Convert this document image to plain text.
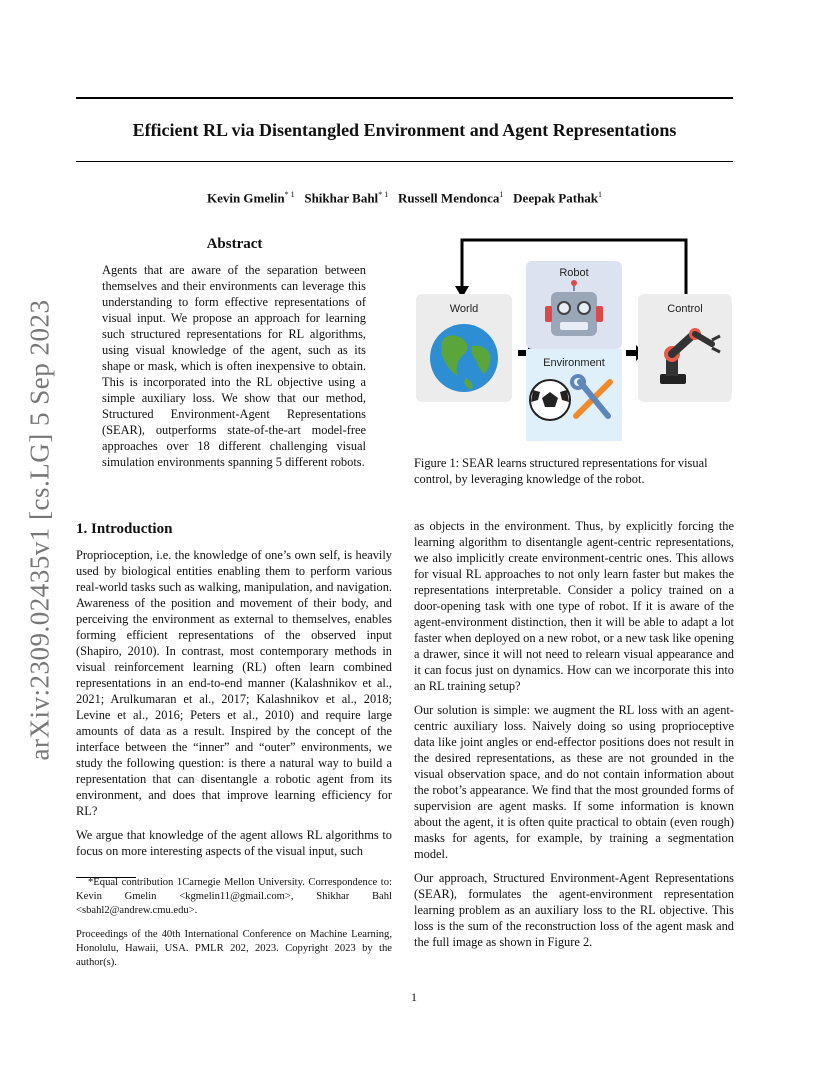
Efficient RL via Disentangled Environment and Agent Representations
Kevin Gmelin$^{* 1}$ Shikhar Bahl$^{* 1}$ Russell Mendonca$^1$ Deepak Pathak$^1$
arXiv:2309.02435v1 [cs.LG] 5 Sep 2023
Abstract
Agents that are aware of the separation between themselves and their environments can leverage this understanding to form effective representations of visual input. We propose an approach for learning such structured representations for RL algorithms, using visual knowledge of the agent, such as its shape or mask, which is often inexpensive to obtain. This is incorporated into the RL objective using a simple auxiliary loss. We show that our method, Structured Environment-Agent Representations (SEAR), outperforms state-of-the-art model-free approaches over 18 different challenging visual simulation environments spanning 5 different robots.
World
Robot
Environment
Control
Figure 1: SEAR learns structured representations for visual control, by leveraging knowledge of the robot.
1. Introduction

Proprioception, i.e. the knowledge of one’s own self, is heavily used by biological entities enabling them to perform various real-world tasks such as walking, manipulation, and navigation. Awareness of the position and movement of their body, and perceiving the environment as external to themselves, enables forming efficient representations of the observed input (Shapiro, 2010). In contrast, most contemporary methods in visual reinforcement learning (RL) often learn combined representations in an end-to-end manner (Kalashnikov et al., 2021; Arulkumaran et al., 2017; Kalashnikov et al., 2018; Levine et al., 2016; Peters et al., 2010) and require large amounts of data as a result. Inspired by the concept of the interface between the “inner” and “outer” environments, we study the following question: is there a natural way to build a representation that can disentangle a robotic agent from its environment, and does that improve learning efficiency for RL?

We argue that knowledge of the agent allows RL algorithms to focus on more interesting aspects of the visual input, such

*Equal contribution 1Carnegie Mellon University. Correspondence to: Kevin Gmelin <kgmelin11@gmail.com>, Shikhar Bahl <sbahl2@andrew.cmu.edu>.

Proceedings of the 40th International Conference on Machine Learning, Honolulu, Hawaii, USA. PMLR 202, 2023. Copyright 2023 by the author(s).

as objects in the environment. Thus, by explicitly forcing the learning algorithm to disentangle agent-centric representations, we also implicitly create environment-centric ones. This allows for visual RL approaches to not only learn faster but makes the representations interpretable. Consider a policy trained on a door-opening task with one type of robot. If it is aware of the agent-environment distinction, then it will be able to adapt a lot faster when deployed on a new robot, or a new task like opening a drawer, since it will not need to relearn visual appearance and it can focus just on dynamics. How can we incorporate this into an RL training setup?

Our solution is simple: we augment the RL loss with an agent-centric auxiliary loss. Naively doing so using proprioceptive data like joint angles or end-effector positions does not result in the desired representations, as these are not grounded in the visual observation space, and do not contain information about the robot’s appearance. We find that the most grounded forms of supervision are agent masks. If some information is known about the agent, it is often quite practical to obtain (even rough) masks for agents, for example, by training a segmentation model.

Our approach, Structured Environment-Agent Representations (SEAR), formulates the agent-environment representation learning problem as an auxiliary loss to the RL objective. This loss is the sum of the reconstruction loss of the agent mask and the full image as shown in Figure 2.

1
